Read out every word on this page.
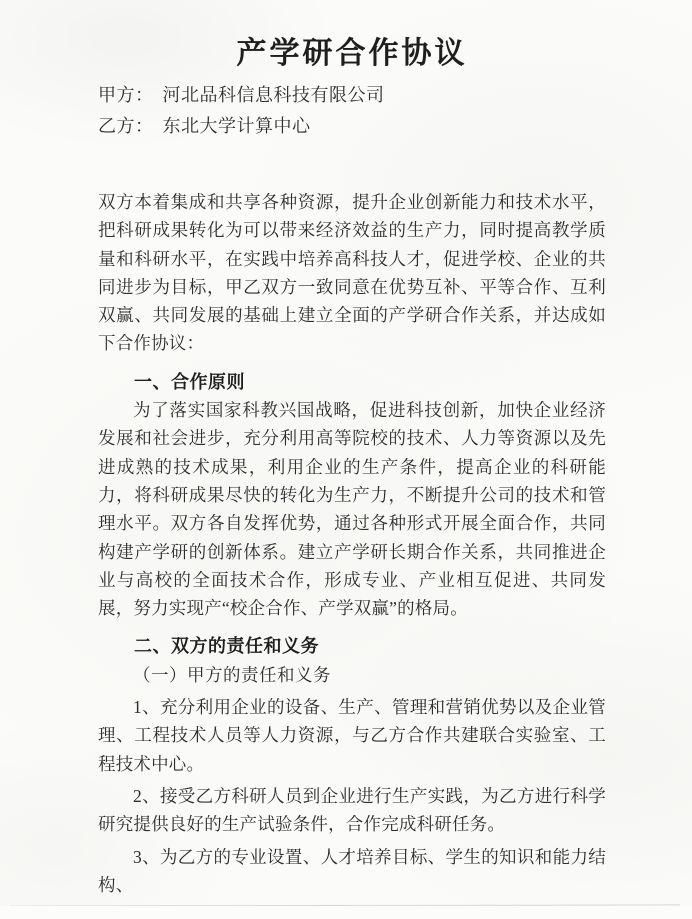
产学研合作协议

甲方： 河北品科信息科技有限公司

乙方： 东北大学计算中心

双方本着集成和共享各种资源，提升企业创新能力和技术水平，把科研成果转化为可以带来经济效益的生产力，同时提高教学质量和科研水平，在实践中培养高科技人才，促进学校、企业的共同进步为目标，甲乙双方一致同意在优势互补、平等合作、互利双赢、共同发展的基础上建立全面的产学研合作关系，并达成如下合作协议：

一、合作原则

为了落实国家科教兴国战略，促进科技创新，加快企业经济发展和社会进步，充分利用高等院校的技术、人力等资源以及先进成熟的技术成果，利用企业的生产条件，提高企业的科研能力，将科研成果尽快的转化为生产力，不断提升公司的技术和管理水平。双方各自发挥优势，通过各种形式开展全面合作，共同构建产学研的创新体系。建立产学研长期合作关系，共同推进企业与高校的全面技术合作，形成专业、产业相互促进、共同发展，努力实现产“校企合作、产学双赢”的格局。

二、双方的责任和义务

（一）甲方的责任和义务

1、充分利用企业的设备、生产、管理和营销优势以及企业管理、工程技术人员等人力资源，与乙方合作共建联合实验室、工程技术中心。

2、接受乙方科研人员到企业进行生产实践，为乙方进行科学研究提供良好的生产试验条件，合作完成科研任务。

3、为乙方的专业设置、人才培养目标、学生的知识和能力结构、
